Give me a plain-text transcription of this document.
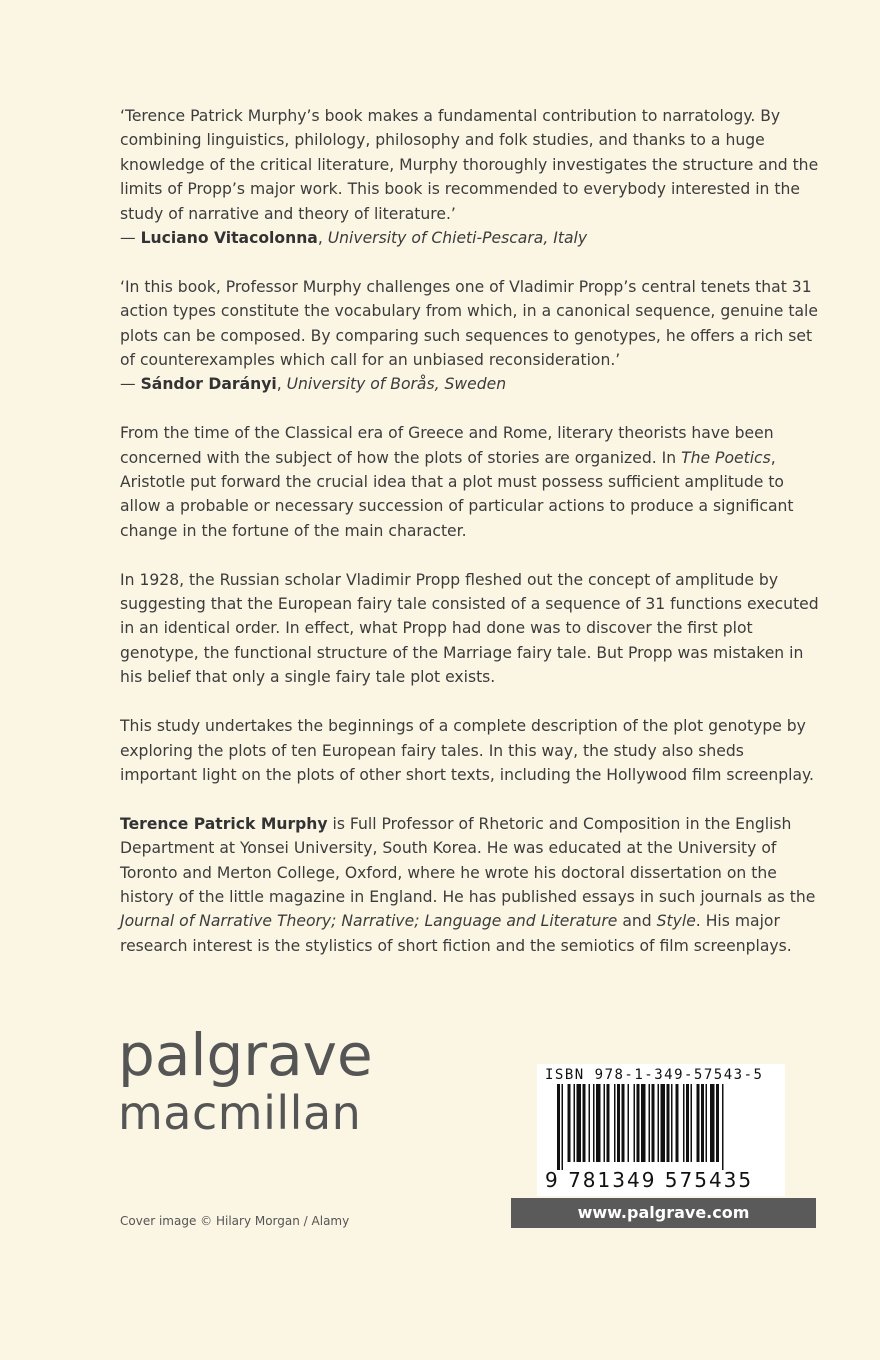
‘Terence Patrick Murphy’s book makes a fundamental contribution to narratology. By combining linguistics, philology, philosophy and folk studies, and thanks to a huge knowledge of the critical literature, Murphy thoroughly investigates the structure and the limits of Propp’s major work. This book is recommended to everybody interested in the study of narrative and theory of literature.’
— Luciano Vitacolonna, University of Chieti-Pescara, Italy

‘In this book, Professor Murphy challenges one of Vladimir Propp’s central tenets that 31 action types constitute the vocabulary from which, in a canonical sequence, genuine tale plots can be composed. By comparing such sequences to genotypes, he offers a rich set of counterexamples which call for an unbiased reconsideration.’
— Sándor Darányi, University of Borås, Sweden

From the time of the Classical era of Greece and Rome, literary theorists have been concerned with the subject of how the plots of stories are organized. In The Poetics, Aristotle put forward the crucial idea that a plot must possess sufficient amplitude to allow a probable or necessary succession of particular actions to produce a significant change in the fortune of the main character.

In 1928, the Russian scholar Vladimir Propp fleshed out the concept of amplitude by suggesting that the European fairy tale consisted of a sequence of 31 functions executed in an identical order. In effect, what Propp had done was to discover the first plot genotype, the functional structure of the Marriage fairy tale. But Propp was mistaken in his belief that only a single fairy tale plot exists.

This study undertakes the beginnings of a complete description of the plot genotype by exploring the plots of ten European fairy tales. In this way, the study also sheds important light on the plots of other short texts, including the Hollywood film screenplay.

Terence Patrick Murphy is Full Professor of Rhetoric and Composition in the English Department at Yonsei University, South Korea. He was educated at the University of Toronto and Merton College, Oxford, where he wrote his doctoral dissertation on the history of the little magazine in England. He has published essays in such journals as the Journal of Narrative Theory; Narrative; Language and Literature and Style. His major research interest is the stylistics of short fiction and the semiotics of film screenplays.

palgrave
macmillan
Cover image © Hilary Morgan / Alamy
ISBN 978-1-349-57543-5
9 781349 575435
www.palgrave.com
